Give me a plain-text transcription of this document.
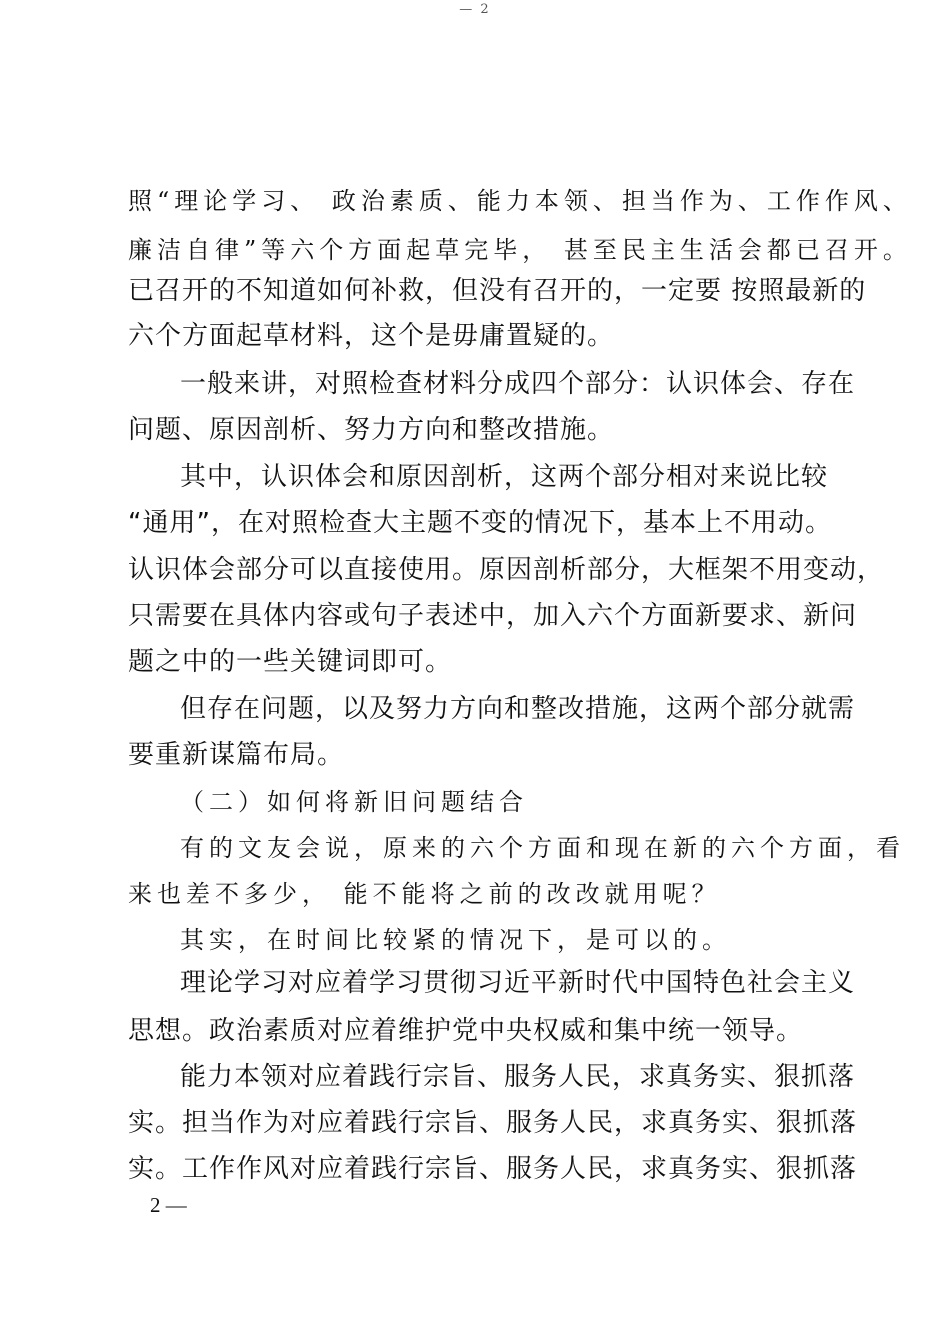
— 2

照“理论学习、 政治素质、能力本领、担当作为、工作作风、

廉洁自律”等六个方面起草完毕， 甚至民主生活会都已召开。

已召开的不知道如何补救，但没有召开的，一定要 按照最新的

六个方面起草材料，这个是毋庸置疑的。

一般来讲，对照检查材料分成四个部分：认识体会、存在

问题、原因剖析、努力方向和整改措施。

其中，认识体会和原因剖析，这两个部分相对来说比较

“通用”，在对照检查大主题不变的情况下，基本上不用动。

认识体会部分可以直接使用。原因剖析部分，大框架不用变动，

只需要在具体内容或句子表述中，加入六个方面新要求、新问

题之中的一些关键词即可。

但存在问题，以及努力方向和整改措施，这两个部分就需

要重新谋篇布局。

（二）如何将新旧问题结合

有的文友会说，原来的六个方面和现在新的六个方面，看

来也差不多少， 能不能将之前的改改就用呢？

其实，在时间比较紧的情况下，是可以的。

理论学习对应着学习贯彻习近平新时代中国特色社会主义

思想。政治素质对应着维护党中央权威和集中统一领导。

能力本领对应着践行宗旨、服务人民，求真务实、狠抓落

实。担当作为对应着践行宗旨、服务人民，求真务实、狠抓落

实。工作作风对应着践行宗旨、服务人民，求真务实、狠抓落

2 —
